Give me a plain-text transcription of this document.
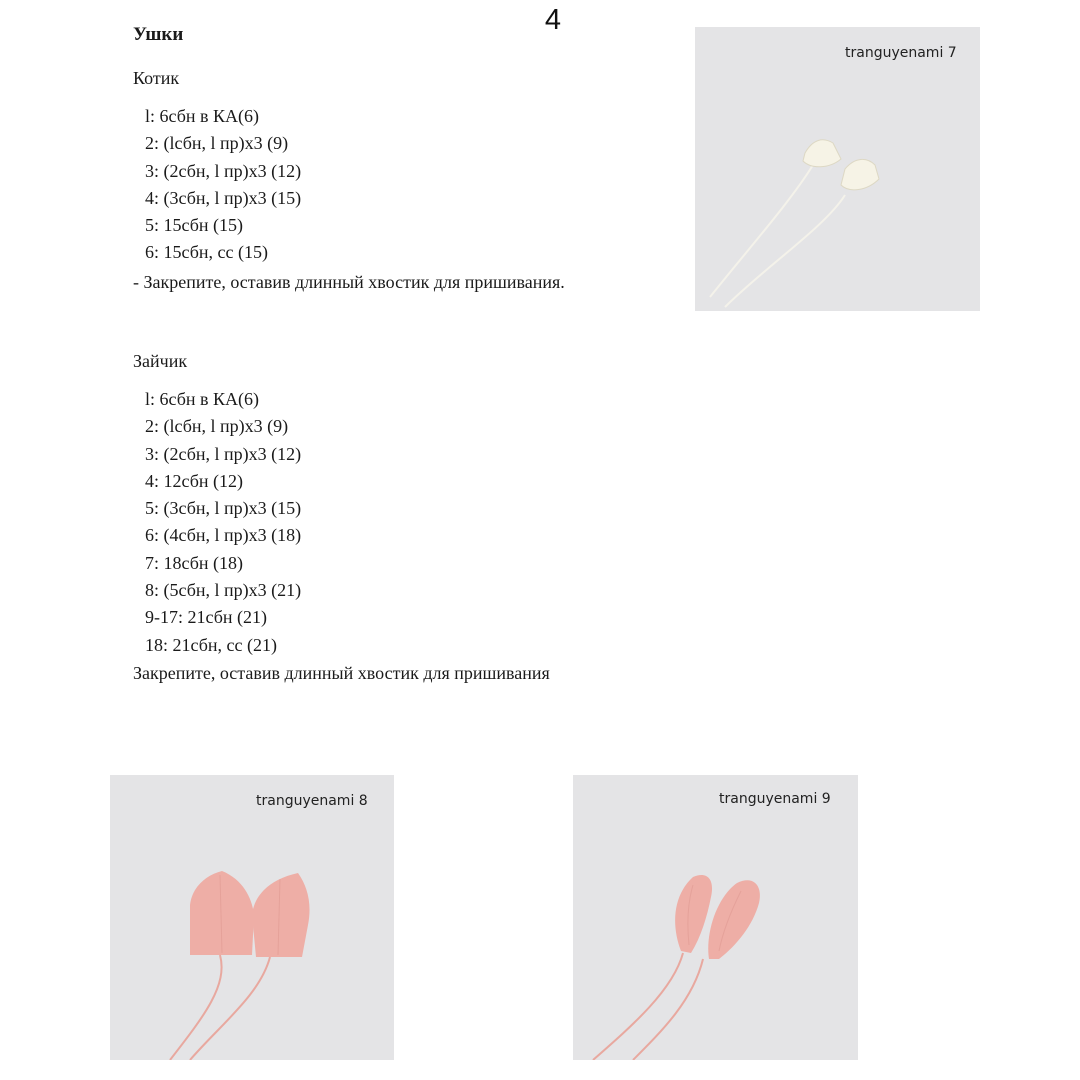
4
Ушки
Котик
l: 6сбн в КА(6)
2: (lсбн, l пр)x3 (9)
3: (2сбн, l пр)x3 (12)
4: (3сбн, l пр)x3 (15)
5: 15сбн (15)
6: 15сбн, сс (15)
- Закрепите, оставив длинный хвостик для пришивания.
Зайчик
l: 6сбн в КА(6)
2: (lсбн, l пр)x3 (9)
3: (2сбн, l пр)x3 (12)
4: 12сбн (12)
5: (3сбн, l пр)x3 (15)
6: (4сбн, l пр)x3 (18)
7: 18сбн (18)
8: (5сбн, l пр)x3 (21)
9-17: 21сбн (21)
18: 21сбн, сс (21)
Закрепите, оставив длинный хвостик для пришивания
tranguyenami 7
tranguyenami 8	tranguyenami 9
